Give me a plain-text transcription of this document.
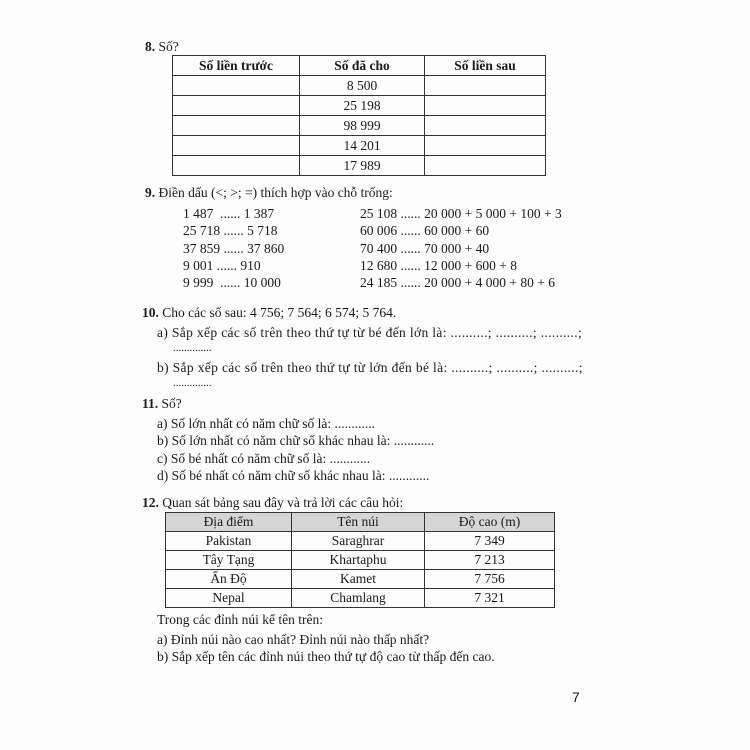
8. Số?
Số liền trước	Số đã cho	Số liền sau
	8 500	
	25 198	
	98 999	
	14 201	
	17 989	
9. Điền dấu (<; >; =) thích hợp vào chỗ trống:
1 487  ...... 1 387
25 718 ...... 5 718
37 859 ...... 37 860
9 001 ...... 910
9 999  ...... 10 000
25 108 ...... 20 000 + 5 000 + 100 + 3
60 006 ...... 60 000 + 60
70 400 ...... 70 000 + 40
12 680 ...... 12 000 + 600 + 8
24 185 ...... 20 000 + 4 000 + 80 + 6
10. Cho các số sau: 4 756; 7 564; 6 574; 5 764.
a) Sắp xếp các số trên theo thứ tự từ bé đến lớn là: ..........; ..........; ..........;
..............
b) Sắp xếp các số trên theo thứ tự từ lớn đến bé là: ..........; ..........; ..........;
..............
11. Số?
a) Số lớn nhất có năm chữ số là: ............
b) Số lớn nhất có năm chữ số khác nhau là: ............
c) Số bé nhất có năm chữ số là: ............
d) Số bé nhất có năm chữ số khác nhau là: ............
12. Quan sát bảng sau đây và trả lời các câu hỏi:
Địa điểm	Tên núi	Độ cao (m)
Pakistan	Saraghrar	7 349
Tây Tạng	Khartaphu	7 213
Ấn Độ	Kamet	7 756
Nepal	Chamlang	7 321
Trong các đỉnh núi kể tên trên:
a) Đỉnh núi nào cao nhất? Đỉnh núi nào thấp nhất?
b) Sắp xếp tên các đỉnh núi theo thứ tự độ cao từ thấp đến cao.
7
